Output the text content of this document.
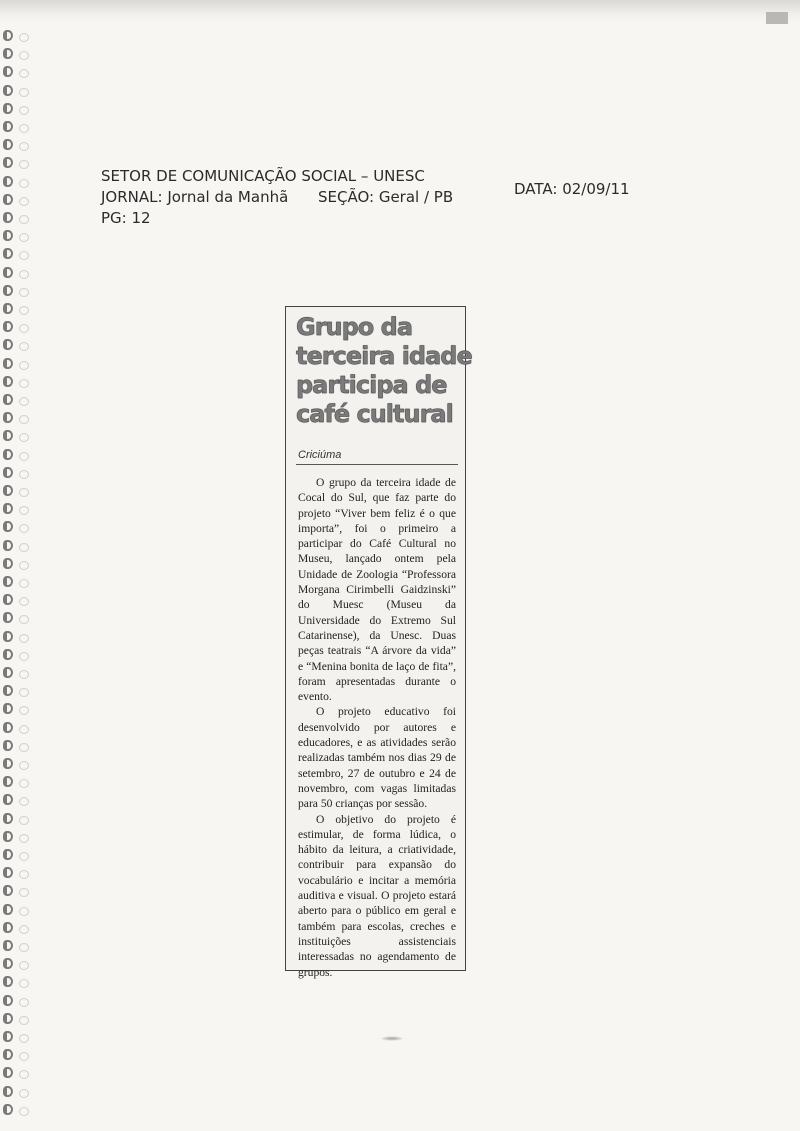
SETOR DE COMUNICAÇÃO SOCIAL – UNESC
JORNAL: Jornal da Manhã SEÇÃO: Geral / PB	DATA: 02/09/11
PG: 12
Grupo da
terceira idade
participa de
café cultural
Criciúma

O grupo da terceira idade de Cocal do Sul, que faz parte do projeto “Viver bem feliz é o que importa”, foi o primeiro a participar do Café Cultural no Museu, lançado ontem pela Unidade de Zoologia “Professora Morgana Cirimbelli Gaidzinski” do Muesc (Museu da Universidade do Extremo Sul Catarinense), da Unesc. Duas peças teatrais “A árvore da vida” e “Menina bonita de laço de fita”, foram apresentadas durante o evento.

O projeto educativo foi desenvolvido por autores e educadores, e as atividades serão realizadas também nos dias 29 de setembro, 27 de outubro e 24 de novembro, com vagas limitadas para 50 crianças por sessão.

O objetivo do projeto é estimular, de forma lúdica, o hábito da leitura, a criatividade, contribuir para expansão do vocabulário e incitar a memória auditiva e visual. O projeto estará aberto para o público em geral e também para escolas, creches e instituições assistenciais interessadas no agendamento de grupos.
